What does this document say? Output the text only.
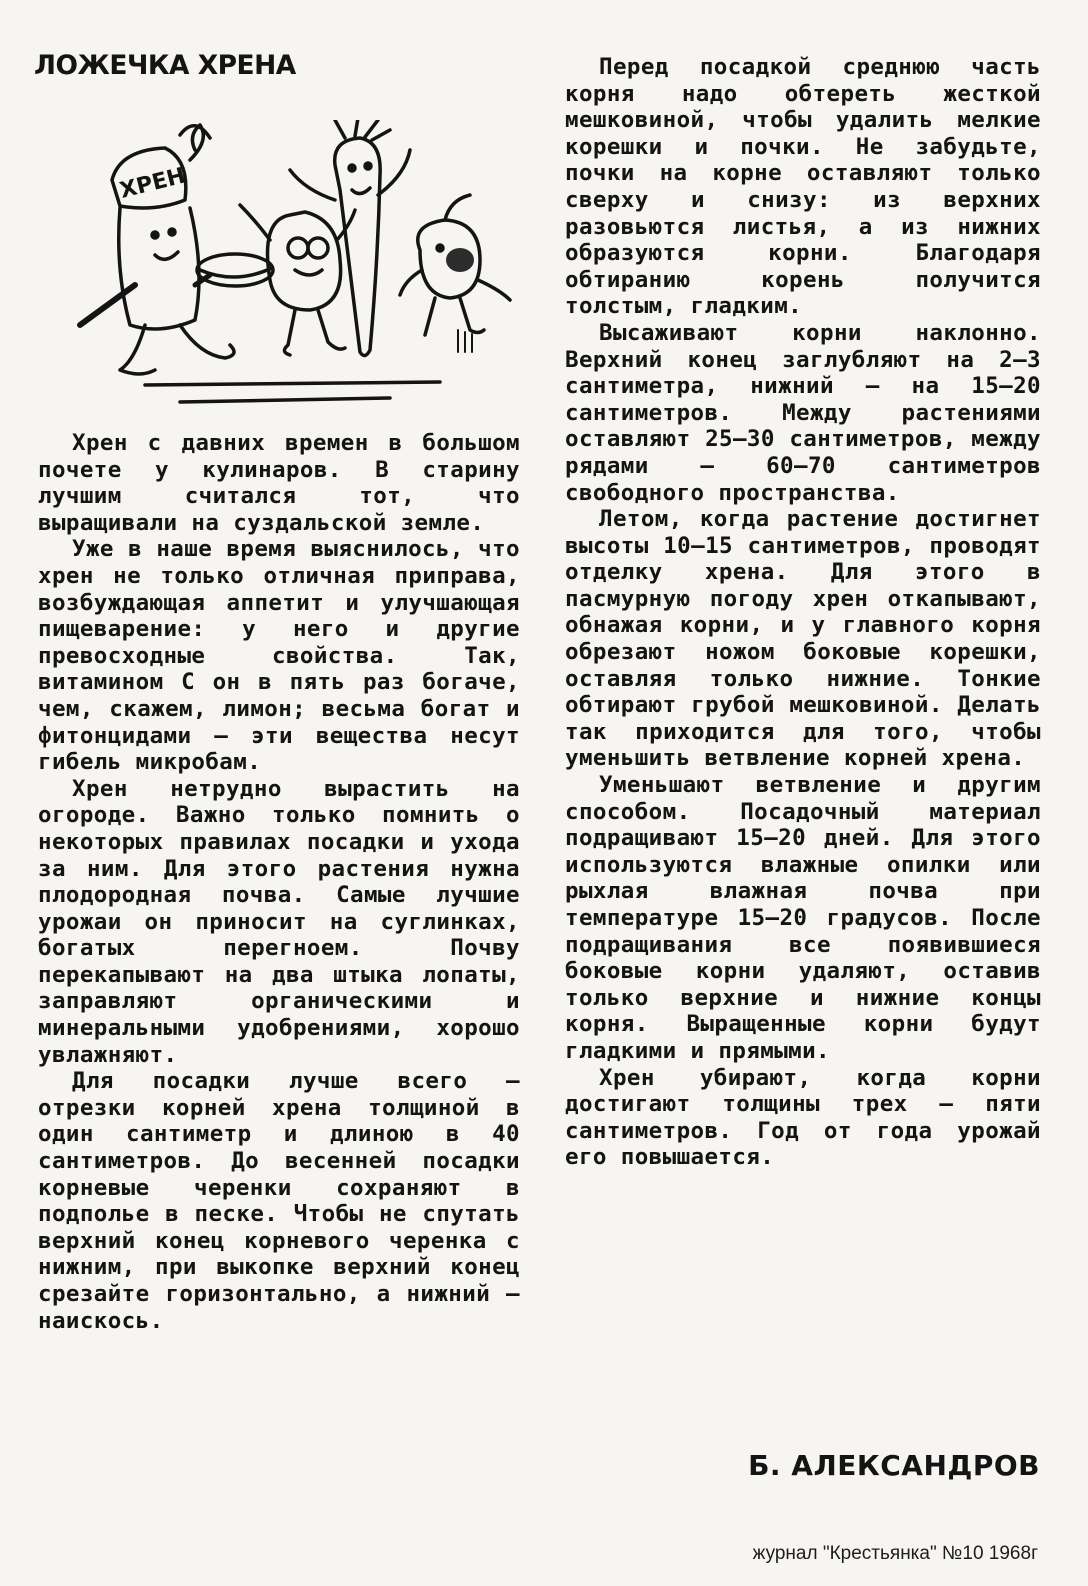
ЛОЖЕЧКА ХРЕНА
ХРЕН

Хрен с давних времен в большом почете у кулинаров. В старину лучшим считался тот, что выращивали на суздальской земле.

Уже в наше время выяснилось, что хрен не только отличная приправа, возбуждающая аппетит и улучшающая пищеварение: у него и другие превосходные свойства. Так, витамином С он в пять раз богаче, чем, скажем, лимон; весьма богат и фитонцидами — эти вещества несут гибель микробам.

Хрен нетрудно вырастить на огороде. Важно только помнить о некоторых правилах посадки и ухода за ним. Для этого растения нужна плодородная почва. Самые лучшие урожаи он приносит на суглинках, богатых перегноем. Почву перекапывают на два штыка лопаты, заправляют органическими и минеральными удобрениями, хорошо увлажняют.

Для посадки лучше всего — отрезки корней хрена толщиной в один сантиметр и длиною в 40 сантиметров. До весенней посадки корневые черенки сохраняют в подполье в песке. Чтобы не спутать верхний конец корневого черенка с нижним, при выкопке верхний конец срезайте горизонтально, а нижний — наискось.

Перед посадкой среднюю часть корня надо обтереть жесткой мешковиной, чтобы удалить мелкие корешки и почки. Не забудьте, почки на корне оставляют только сверху и снизу: из верхних разовьются листья, а из нижних образуются корни. Благодаря обтиранию корень получится толстым, гладким.

Высаживают корни наклонно. Верхний конец заглубляют на 2—3 сантиметра, нижний — на 15—20 сантиметров. Между растениями оставляют 25—30 сантиметров, между рядами — 60—70 сантиметров свободного пространства.

Летом, когда растение достигнет высоты 10—15 сантиметров, проводят отделку хрена. Для этого в пасмурную погоду хрен откапывают, обнажая корни, и у главного корня обрезают ножом боковые корешки, оставляя только нижние. Тонкие обтирают грубой мешковиной. Делать так приходится для того, чтобы уменьшить ветвление корней хрена.

Уменьшают ветвление и другим способом. Посадочный материал подращивают 15—20 дней. Для этого используются влажные опилки или рыхлая влажная почва при температуре 15—20 градусов. После подращивания все появившиеся боковые корни удаляют, оставив только верхние и нижние концы корня. Выращенные корни будут гладкими и прямыми.

Хрен убирают, когда корни достигают толщины трех — пяти сантиметров. Год от года урожай его повышается.

Б. АЛЕКСАНДРОВ
журнал "Крестьянка" №10 1968г
